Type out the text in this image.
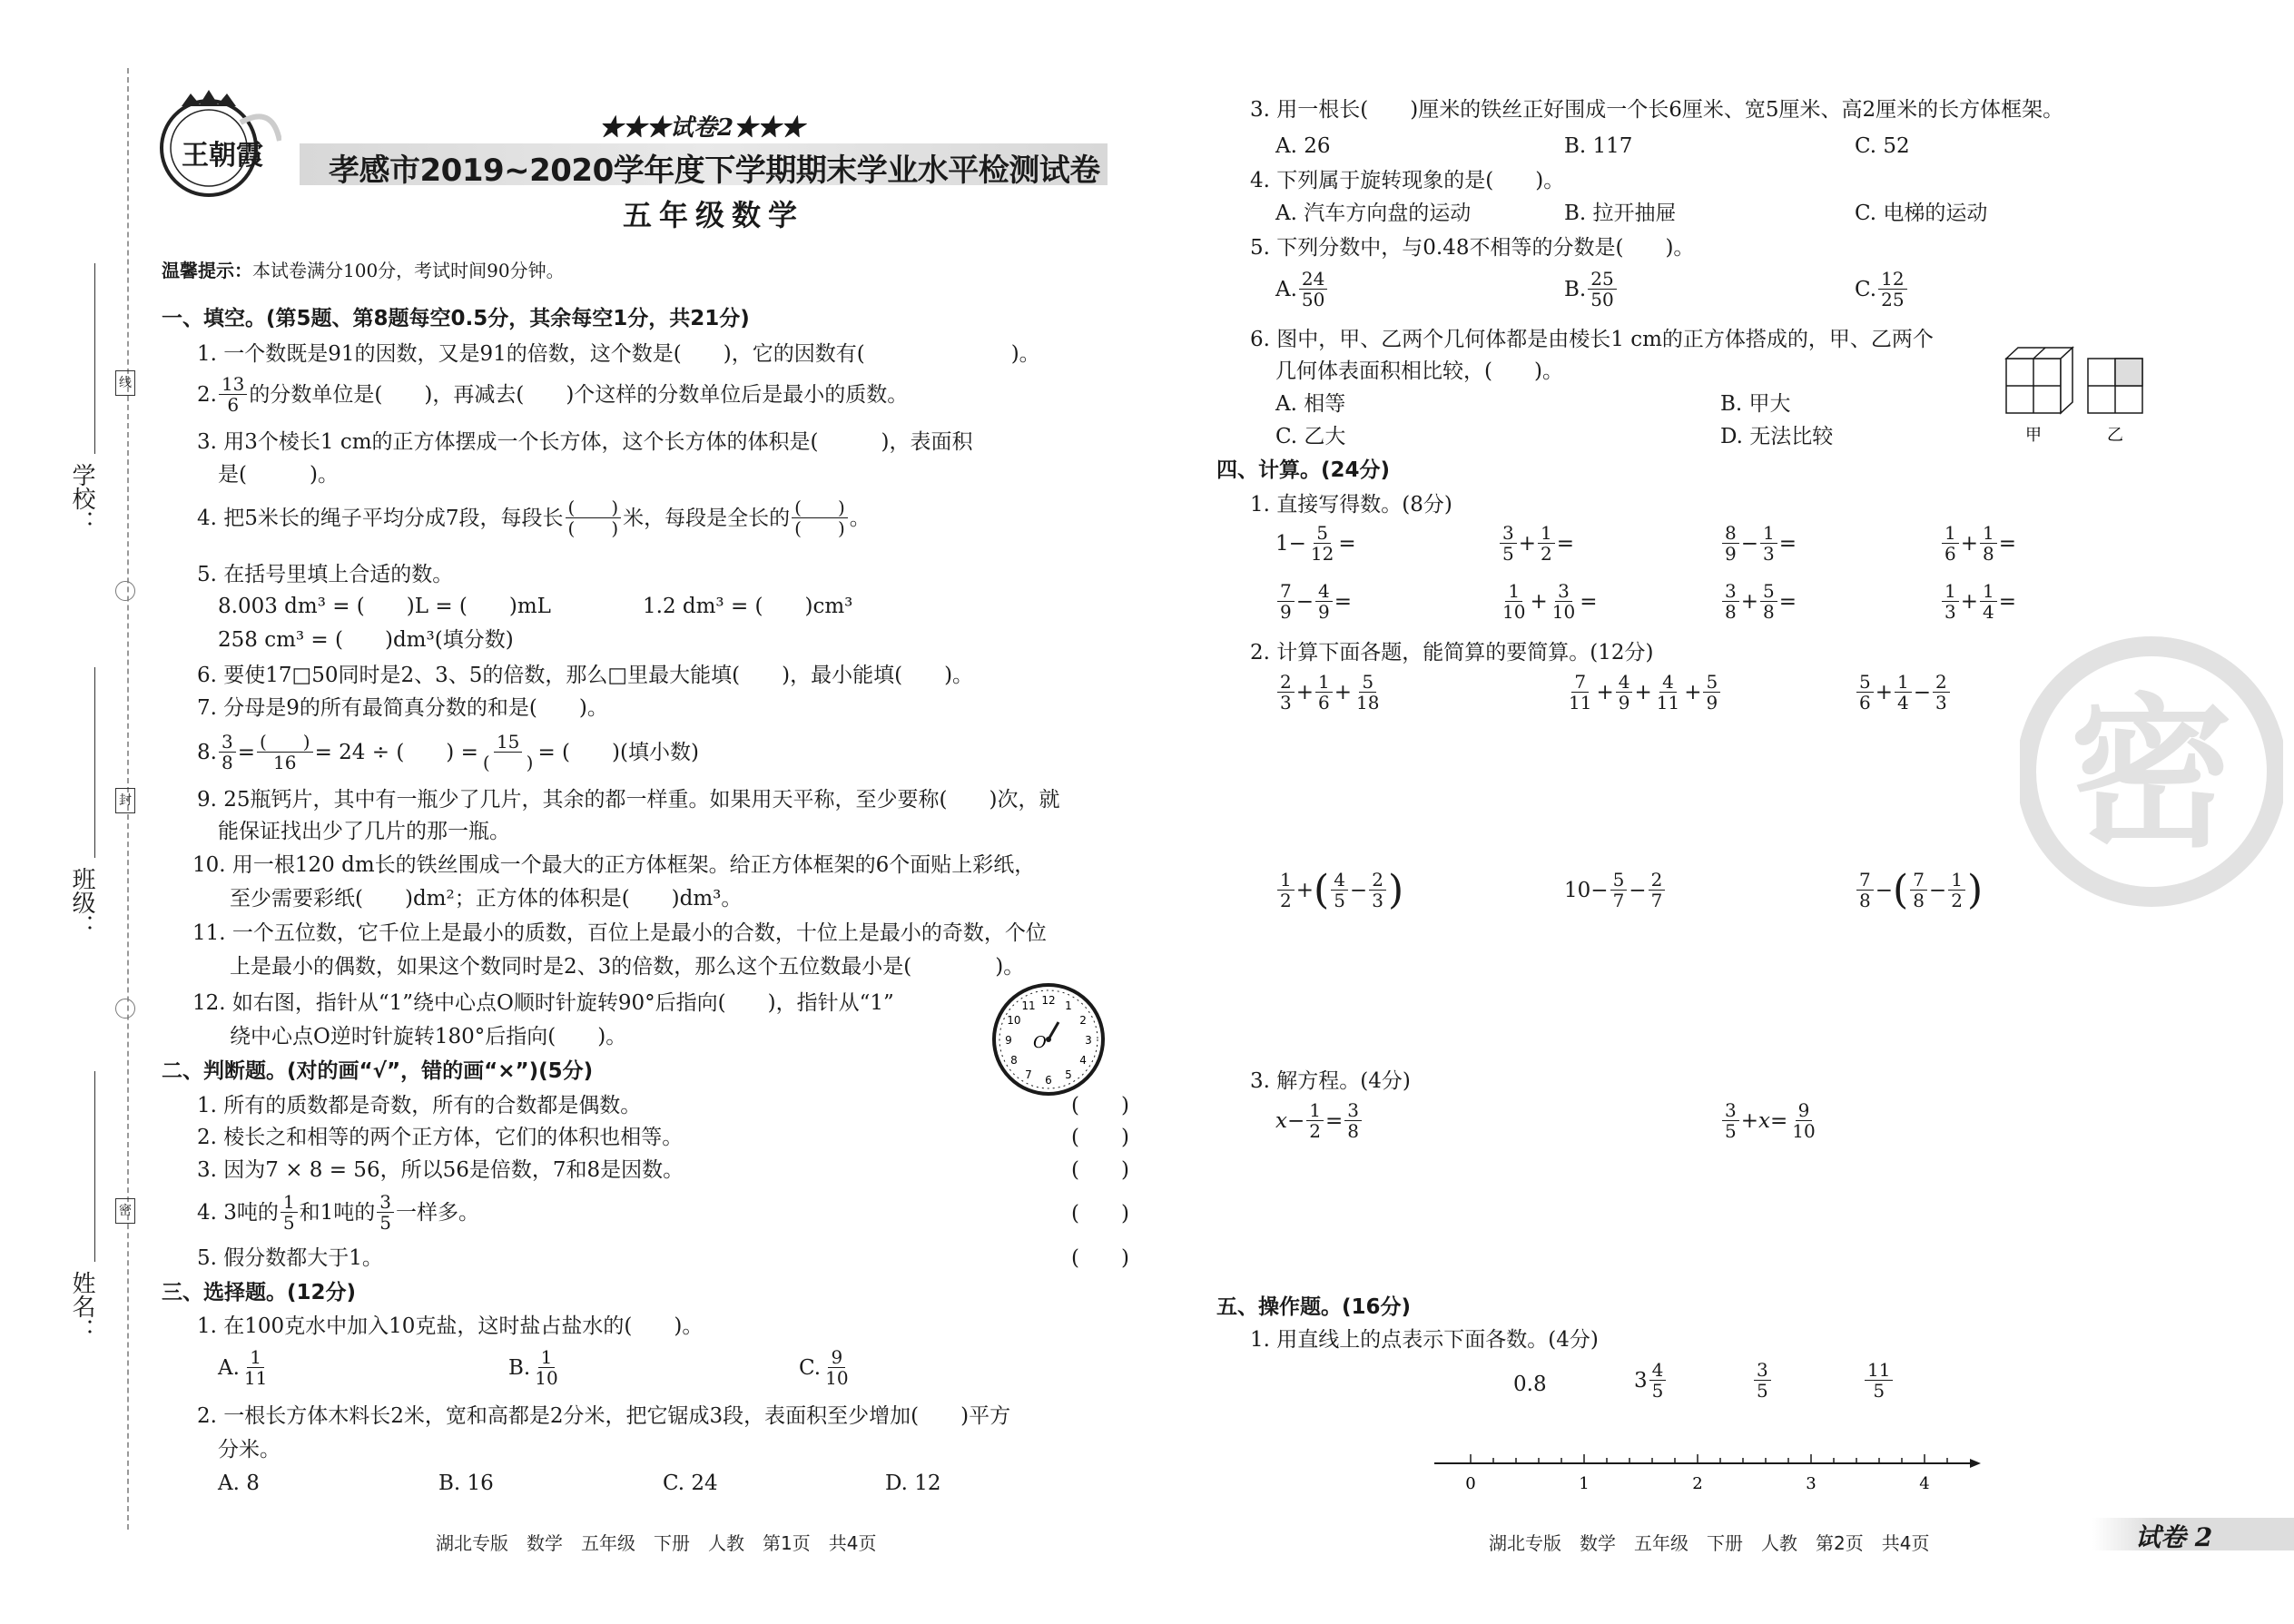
学校：
班级：
姓名：
线
封
密
王朝霞
★★★试卷2★★★
孝感市2019~2020学年度下学期期末学业水平检测试卷
五年级数学
温馨提示：本试卷满分100分，考试时间90分钟。
一、填空。(第5题、第8题每空0.5分，其余每空1分，共21分)
1. 一个数既是91的因数，又是91的倍数，这个数是(　　)，它的因数有(　　　　　　　)。
2. $\frac{13}{6}$ 的分数单位是(　　)，再减去(　　)个这样的分数单位后是最小的质数。
3. 用3个棱长1 cm的正方体摆成一个长方体，这个长方体的体积是(　　　)，表面积
是(　　　)。
4. 把5米长的绳子平均分成7段，每段长 $\frac{( )}{( )}$ 米，每段是全长的 $\frac{( )}{( )}$ 。
5. 在括号里填上合适的数。
8.003 dm³ = (　　)L = (　　)mL	1.2 dm³ = (　　)cm³
258 cm³ = (　　)dm³(填分数)
6. 要使17□50同时是2、3、5的倍数，那么□里最大能填(　　)，最小能填(　　)。
7. 分母是9的所有最简真分数的和是(　　)。
8. $\frac{3}{8} = \frac{( )}{16} = 24$ ÷ (　　) = $\frac{15}{( )}$ = (　　)(填小数)
9. 25瓶钙片，其中有一瓶少了几片，其余的都一样重。如果用天平称，至少要称(　　)次，就
能保证找出少了几片的那一瓶。
10. 用一根120 dm长的铁丝围成一个最大的正方体框架。给正方体框架的6个面贴上彩纸，
至少需要彩纸(　　)dm²；正方体的体积是(　　)dm³。
11. 一个五位数，它千位上是最小的质数，百位上是最小的合数，十位上是最小的奇数，个位
上是最小的偶数，如果这个数同时是2、3的倍数，那么这个五位数最小是(　　　　)。
12. 如右图，指针从“1”绕中心点O顺时针旋转90°后指向(　　)，指针从“1”
绕中心点O逆时针旋转180°后指向(　　)。
12 1
2
3
4
5
6
7
8
9
10
11
O
二、判断题。(对的画“√”，错的画“×”)(5分)
1. 所有的质数都是奇数，所有的合数都是偶数。	(　　)
2. 棱长之和相等的两个正方体，它们的体积也相等。	(　　)
3. 因为7 × 8 = 56，所以56是倍数，7和8是因数。	(　　)
4. 3吨的 $\frac{1}{5}$ 和1吨的 $\frac{3}{5}$ 一样多。	(　　)
5. 假分数都大于1。	(　　)
三、选择题。(12分)
1. 在100克水中加入10克盐，这时盐占盐水的(　　)。
A. $\frac{1}{11}$	B. $\frac{1}{10}$	C. $\frac{9}{10}$
2. 一根长方体木料长2米，宽和高都是2分米，把它锯成3段，表面积至少增加(　　)平方
分米。
A. 8	B. 16	C. 24	D. 12
湖北专版　数学　五年级　下册　人教　第1页　共4页
密
3. 用一根长(　　)厘米的铁丝正好围成一个长6厘米、宽5厘米、高2厘米的长方体框架。
A. 26	B. 117	C. 52
4. 下列属于旋转现象的是(　　)。
A. 汽车方向盘的运动	B. 拉开抽屉	C. 电梯的运动
5. 下列分数中，与0.48不相等的分数是(　　)。
A. $\frac{24}{50}$	B. $\frac{25}{50}$	C. $\frac{12}{25}$
6. 图中，甲、乙两个几何体都是由棱长1 cm的正方体搭成的，甲、乙两个
几何体表面积相比较，(　　)。
A. 相等	B. 甲大
C. 乙大	D. 无法比较	甲	乙
四、计算。(24分)
1. 直接写得数。(8分)
$1 - \frac{5}{12}$ =	$\frac{3}{5} + \frac{1}{2}$ =	$\frac{8}{9} - \frac{1}{3}$ =	$\frac{1}{6} + \frac{1}{8}$ =
$\frac{7}{9} - \frac{4}{9}$ =	$\frac{1}{10} + \frac{3}{10}$ =	$\frac{3}{8} + \frac{5}{8}$ =	$\frac{1}{3} + \frac{1}{4}$ =
2. 计算下面各题，能简算的要简算。(12分)
$\frac{2}{3} + \frac{1}{6} + \frac{5}{18}$	$\frac{7}{11} + \frac{4}{9} + \frac{4}{11} + \frac{5}{9}$	$\frac{5}{6} + \frac{1}{4} - \frac{2}{3}$
$\frac{1}{2}$ + ( $\frac{4}{5} - \frac{2}{3}$ )	$10 - \frac{5}{7} - \frac{2}{7}$	$\frac{7}{8}$ − ( $\frac{7}{8} - \frac{1}{2}$ )
3. 解方程。(4分)
$x - \frac{1}{2} = \frac{3}{8}$	$\frac{3}{5} + x = \frac{9}{10}$
五、操作题。(16分)
1. 用直线上的点表示下面各数。(4分)
0.8	$3 \frac{4}{5}$	$\frac{3}{5}$	$\frac{11}{5}$
0	1	2	3	4
湖北专版　数学　五年级　下册　人教　第2页　共4页	试卷 2
